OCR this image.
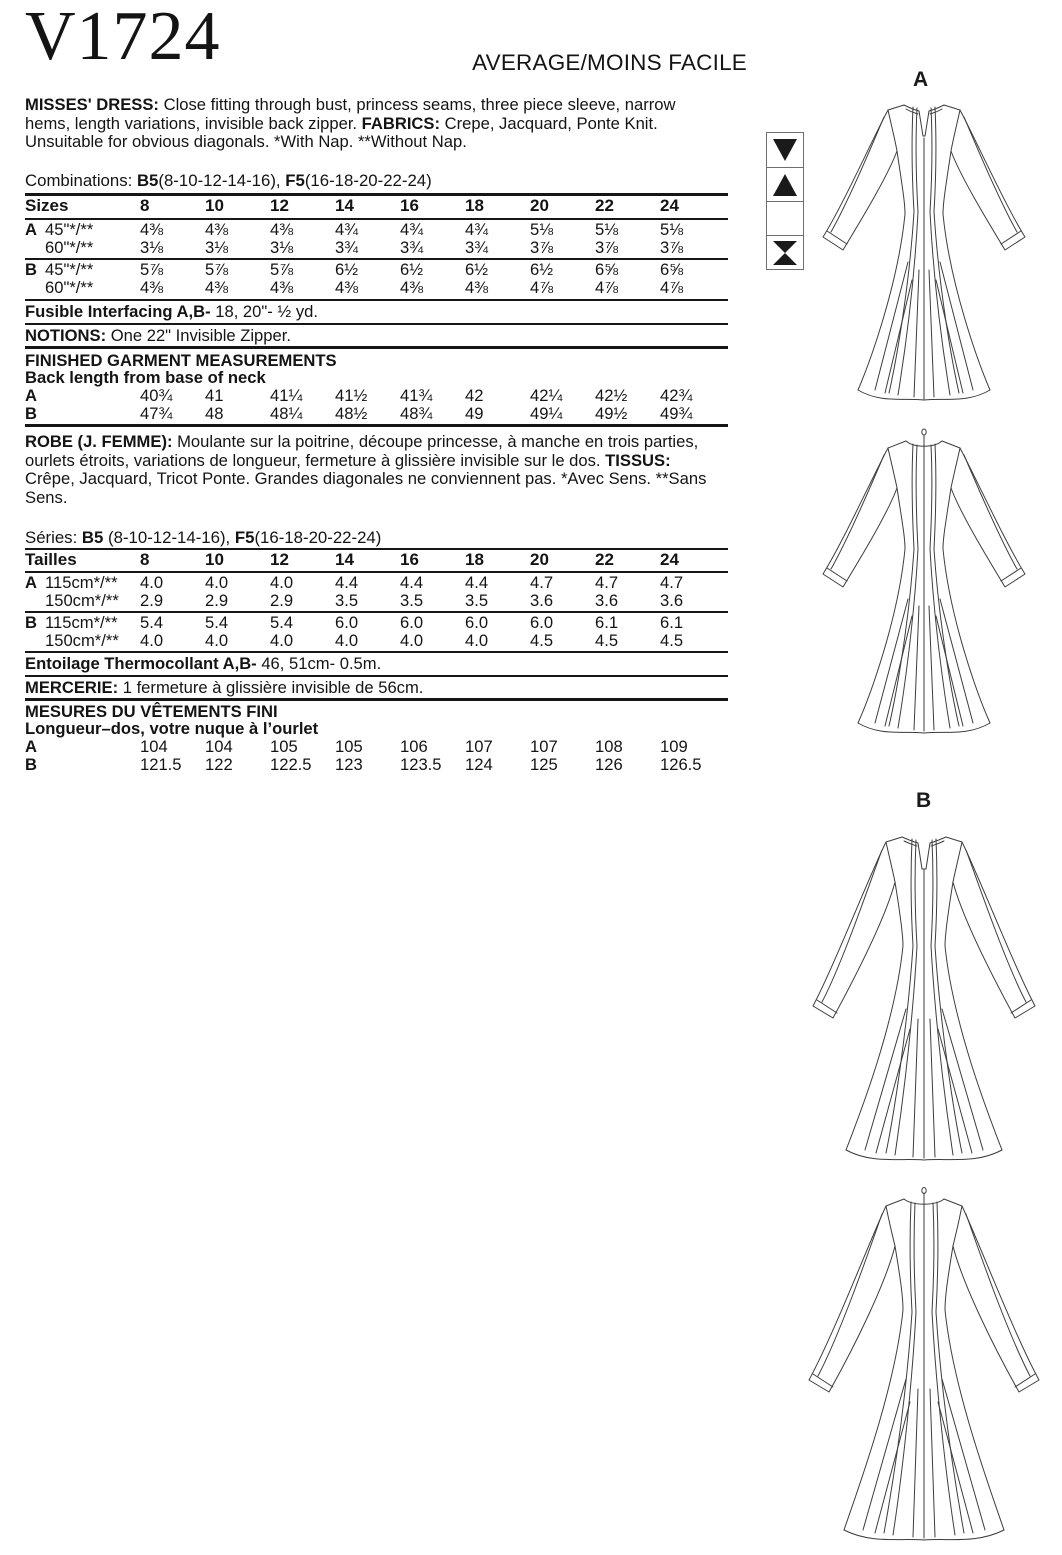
V1724	AVERAGE/MOINS FACILE
MISSES' DRESS: Close fitting through bust, princess seams, three piece sleeve, narrow hems, length variations, invisible back zipper. FABRICS: Crepe, Jacquard, Ponte Knit. Unsuitable for obvious diagonals. *With Nap. **Without Nap.
Combinations: B5(8-10-12-14-16), F5(16-18-20-22-24)
Sizes	8	10	12	14	16	18	20	22	24
A 45"*/**	4⅜	4⅜	4⅜	4¾	4¾	4¾	5⅛	5⅛	5⅛
60"*/**	3⅛	3⅛	3⅛	3¾	3¾	3¾	3⅞	3⅞	3⅞
B 45"*/**	5⅞	5⅞	5⅞	6½	6½	6½	6½	6⅝	6⅝
60"*/**	4⅜	4⅜	4⅜	4⅜	4⅜	4⅜	4⅞	4⅞	4⅞
Fusible Interfacing A,B- 18, 20"- ½ yd.
NOTIONS: One 22" Invisible Zipper.
FINISHED GARMENT MEASUREMENTS
Back length from base of neck
A	40¾	41	41¼	41½	41¾	42	42¼	42½	42¾
B	47¾	48	48¼	48½	48¾	49	49¼	49½	49¾
ROBE (J. FEMME): Moulante sur la poitrine, découpe princesse, à manche en trois parties, ourlets étroits, variations de longueur, fermeture à glissière invisible sur le dos. TISSUS: Crêpe, Jacquard, Tricot Ponte. Grandes diagonales ne conviennent pas. *Avec Sens. **Sans Sens.
Séries: B5 (8-10-12-14-16), F5(16-18-20-22-24)
Tailles	8	10	12	14	16	18	20	22	24
A 115cm*/**	4.0	4.0	4.0	4.4	4.4	4.4	4.7	4.7	4.7
150cm*/**	2.9	2.9	2.9	3.5	3.5	3.5	3.6	3.6	3.6
B 115cm*/**	5.4	5.4	5.4	6.0	6.0	6.0	6.0	6.1	6.1
150cm*/**	4.0	4.0	4.0	4.0	4.0	4.0	4.5	4.5	4.5
Entoilage Thermocollant A,B- 46, 51cm- 0.5m.
MERCERIE: 1 fermeture à glissière invisible de 56cm.
MESURES DU VÊTEMENTS FINI
Longueur–dos, votre nuque à l’ourlet
A	104	104	105	105	106	107	107	108	109
B	121.5	122	122.5	123	123.5	124	125	126	126.5
A
B
